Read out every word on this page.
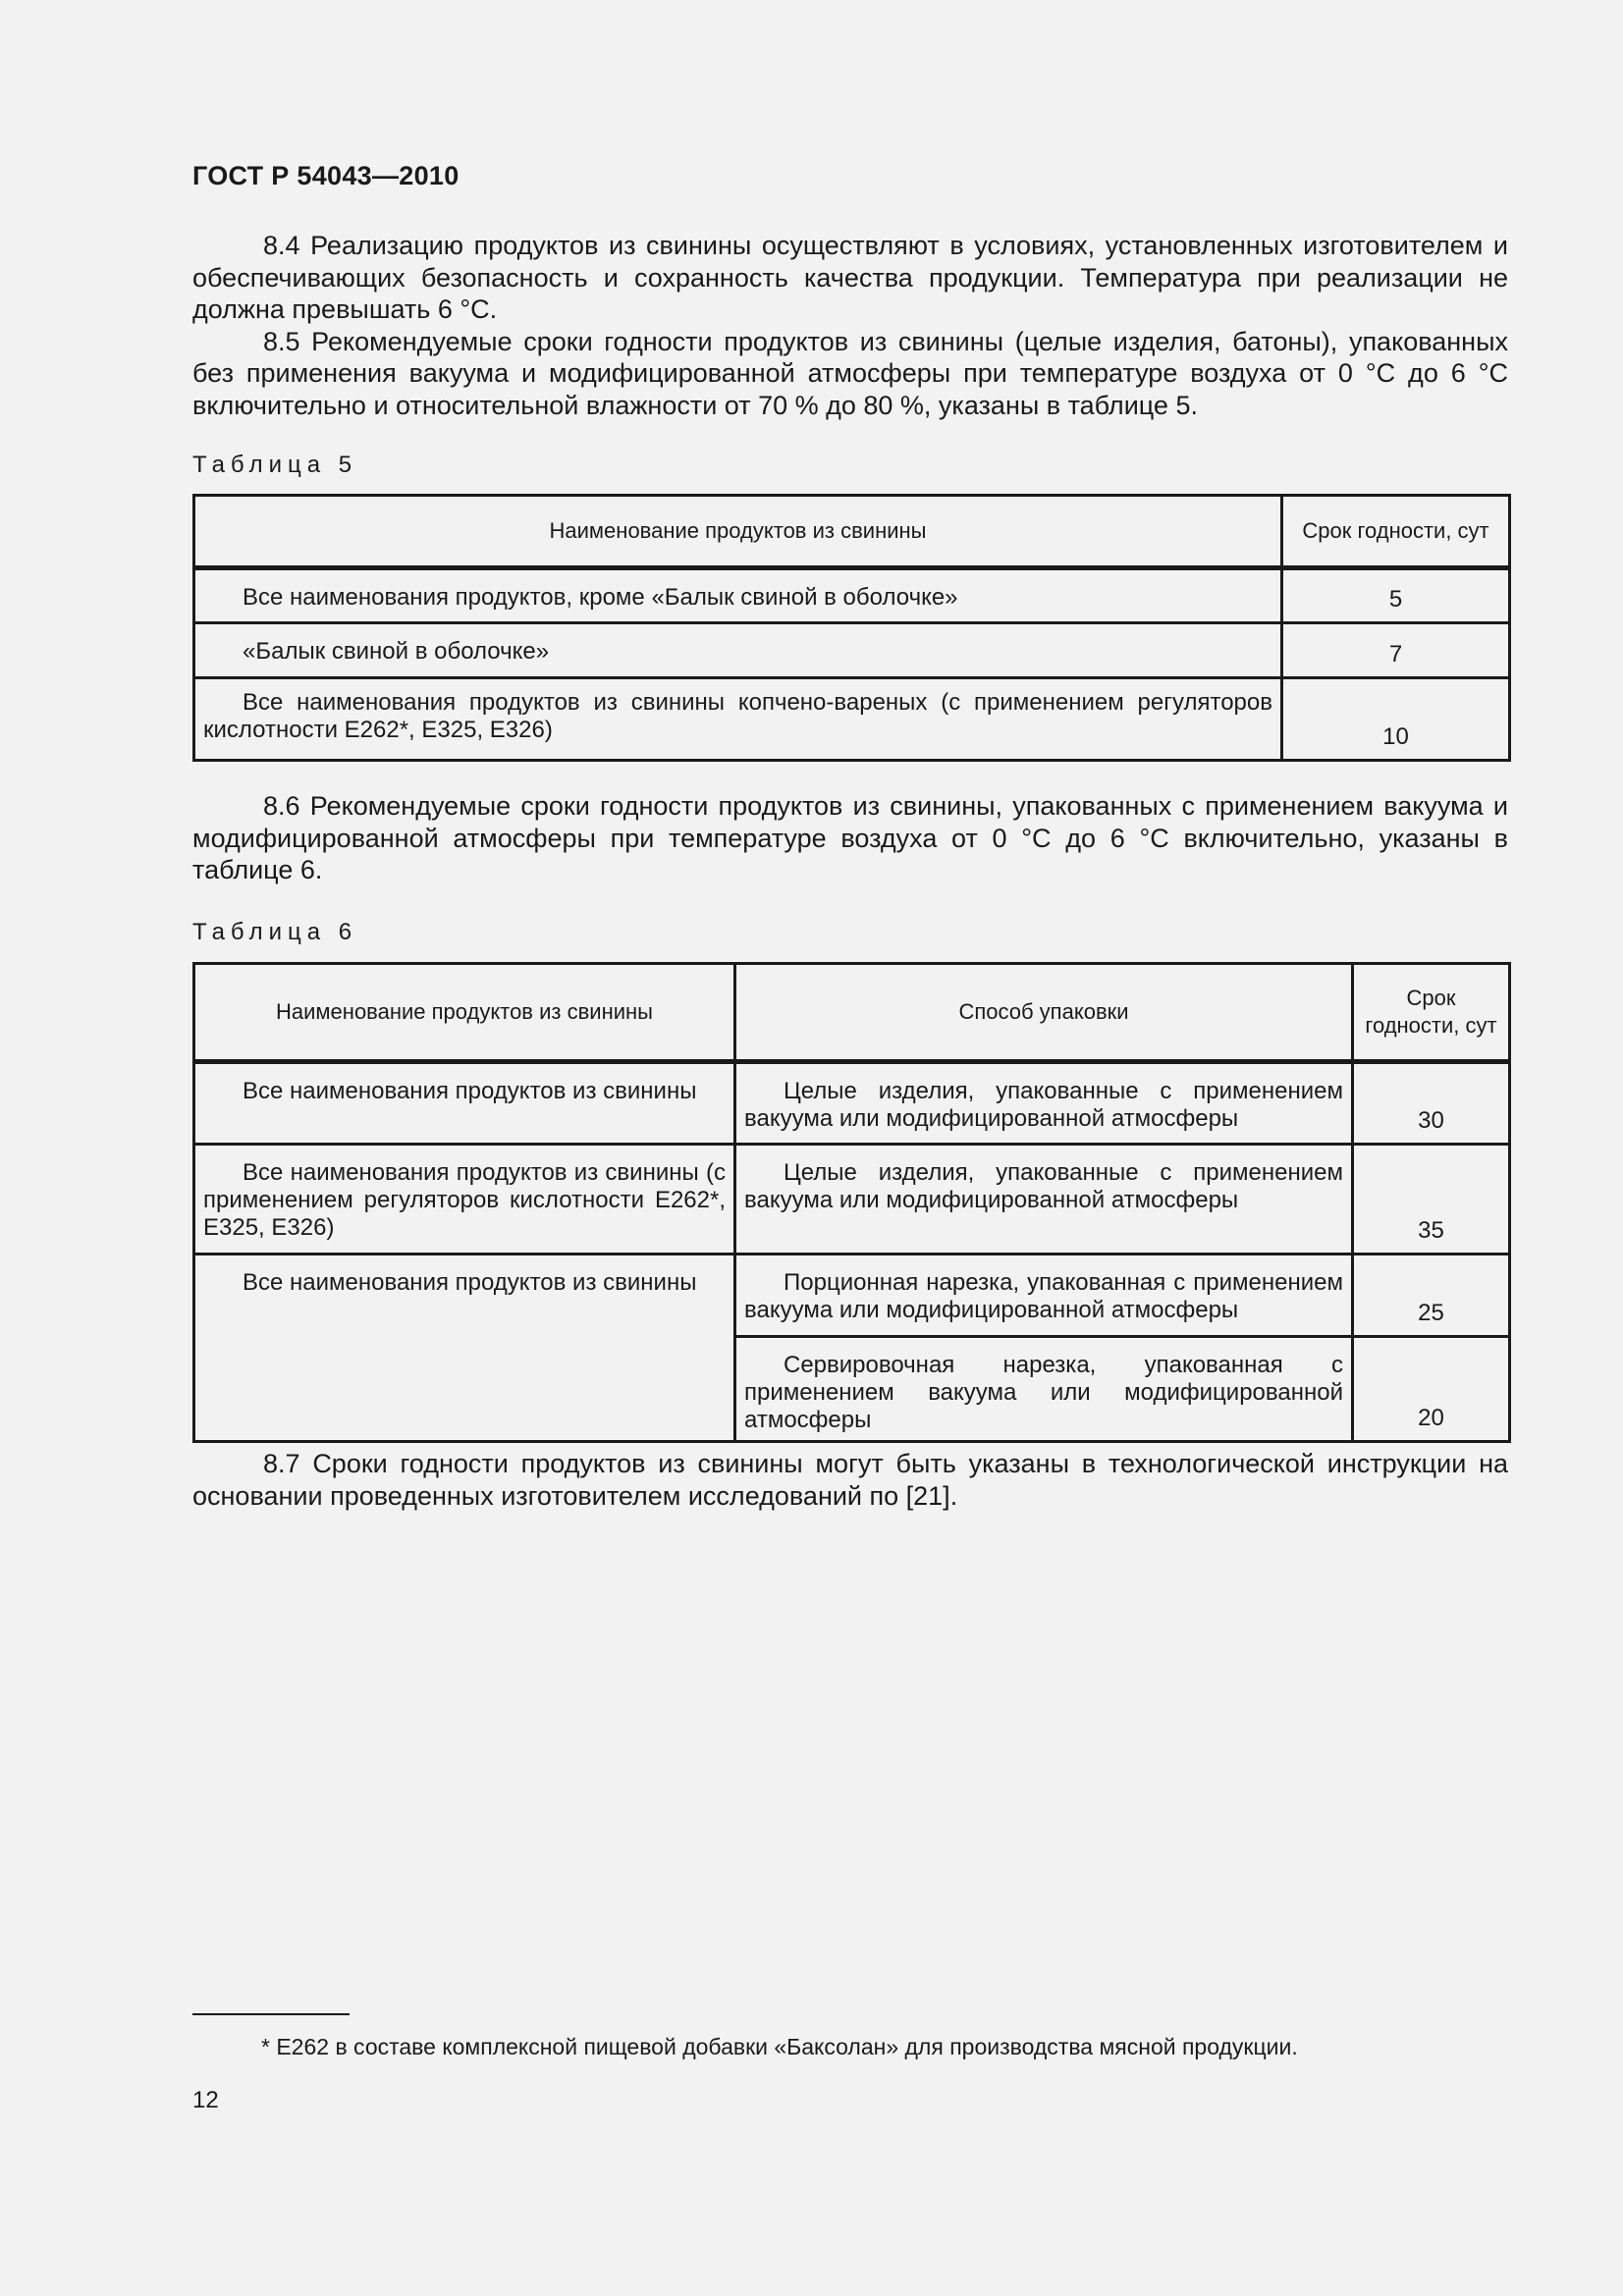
ГОСТ Р 54043—2010

8.4 Реализацию продуктов из свинины осуществляют в условиях, установленных изготовителем и обеспечивающих безопасность и сохранность качества продукции. Температура при реализации не должна превышать 6 °С.

8.5 Рекомендуемые сроки годности продуктов из свинины (целые изделия, батоны), упакованных без применения вакуума и модифицированной атмосферы при температуре воздуха от 0 °С до 6 °С включительно и относительной влажности от 70 % до 80 %, указаны в таблице 5.

Таблица 5
Наименование продуктов из свинины	Срок годности, сут
Все наименования продуктов, кроме «Балык свиной в оболочке»	5
«Балык свиной в оболочке»	7
Все наименования продуктов из свинины копчено-вареных (с применением регуляторов кислотности Е262*, Е325, Е326)	10

8.6 Рекомендуемые сроки годности продуктов из свинины, упакованных с применением вакуума и модифицированной атмосферы при температуре воздуха от 0 °С до 6 °С включительно, указаны в таблице 6.

Таблица 6
Наименование продуктов из свинины	Способ упаковки	Срок годности, сут
Все наименования продуктов из свинины	Целые изделия, упакованные с применением вакуума или модифицированной атмосферы	30
Все наименования продуктов из свинины (с применением регуляторов кислотности Е262*, Е325, Е326)	Целые изделия, упакованные с применением вакуума или модифицированной атмосферы	35
Все наименования продуктов из свинины	Порционная нарезка, упакованная с применением вакуума или модифицированной атмосферы	25
	Сервировочная нарезка, упакованная с применением вакуума или модифицированной атмосферы	20

8.7 Сроки годности продуктов из свинины могут быть указаны в технологической инструкции на основании проведенных изготовителем исследований по [21].

* Е262 в составе комплексной пищевой добавки «Баксолан» для производства мясной продукции.
12
